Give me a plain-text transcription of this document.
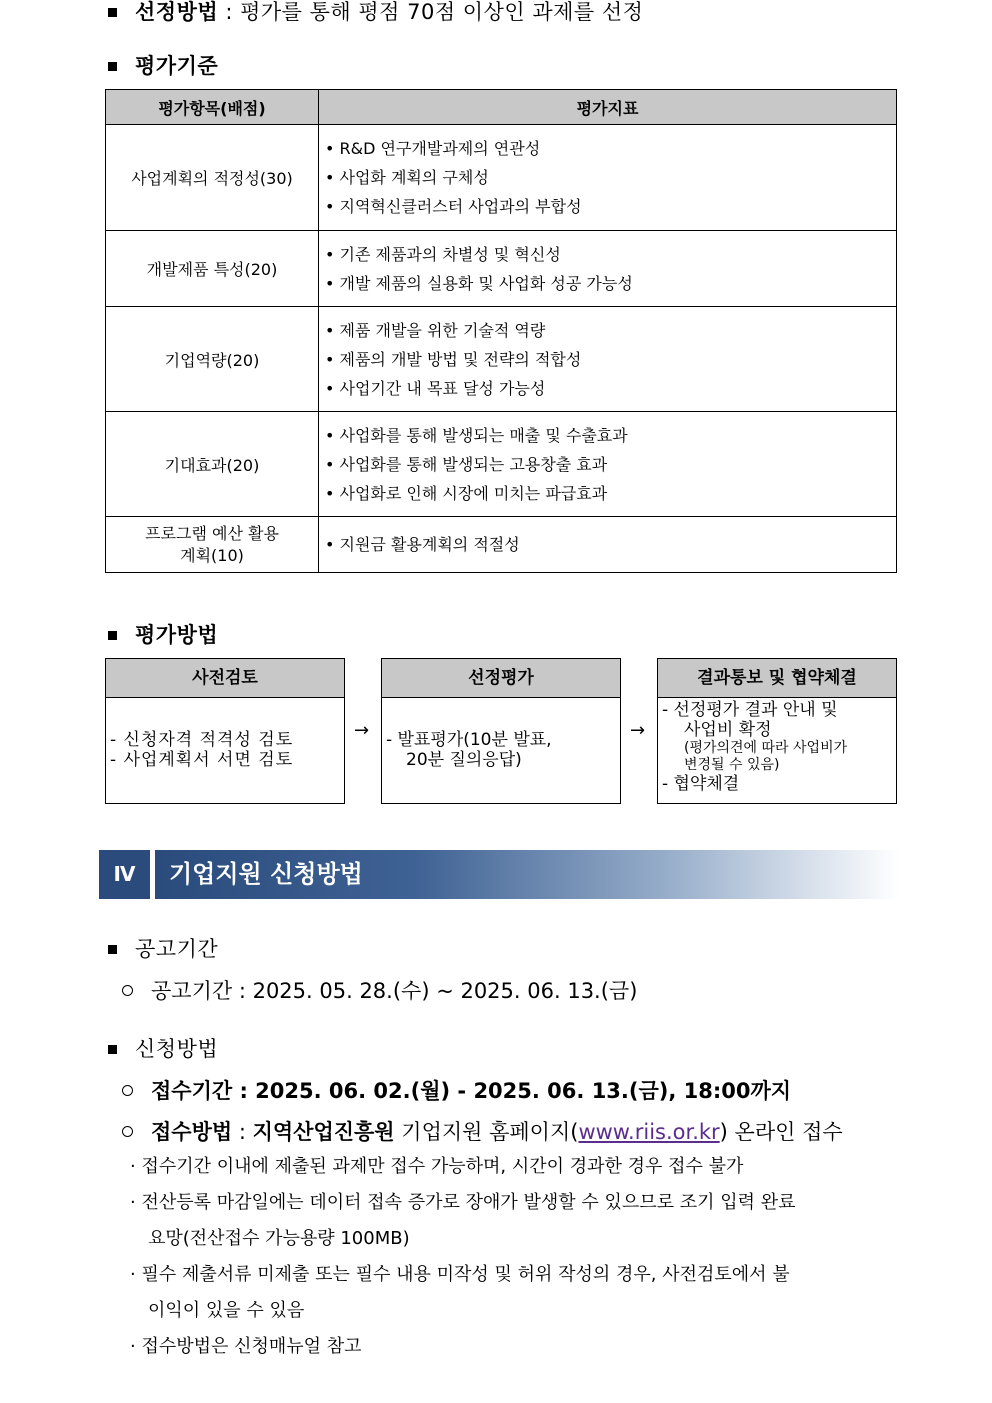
선정방법 : 평가를 통해 평점 70점 이상인 과제를 선정
평가기준
평가항목(배점)	평가지표
사업계획의 적정성(30)	• R&D 연구개발과제의 연관성
• 사업화 계획의 구체성
• 지역혁신클러스터 사업과의 부합성

개발제품 특성(20)	• 기존 제품과의 차별성 및 혁신성
• 개발 제품의 실용화 및 사업화 성공 가능성

기업역량(20)	• 제품 개발을 위한 기술적 역량
• 제품의 개발 방법 및 전략의 적합성
• 사업기간 내 목표 달성 가능성

기대효과(20)	• 사업화를 통해 발생되는 매출 및 수출효과
• 사업화를 통해 발생되는 고용창출 효과
• 사업화로 인해 시장에 미치는 파급효과

프로그램 예산 활용
계획(10)	• 지원금 활용계획의 적절성
평가방법
사전검토
- 신청자격 적격성 검토
- 사업계획서 서면 검토
→
선정평가
- 발표평가(10분 발표,
20분 질의응답)
→
결과통보 및 협약체결
- 선정평가 결과 안내 및
사업비 확정
(평가의견에 따라 사업비가
변경될 수 있음)
- 협약체결
Ⅳ	기업지원 신청방법
공고기간
공고기간 : 2025. 05. 28.(수) ~ 2025. 06. 13.(금)
신청방법
접수기간 : 2025. 06. 02.(월) - 2025. 06. 13.(금), 18:00까지
접수방법 : 지역산업진흥원 기업지원 홈페이지(www.riis.or.kr) 온라인 접수
· 접수기간 이내에 제출된 과제만 접수 가능하며, 시간이 경과한 경우 접수 불가
· 전산등록 마감일에는 데이터 접속 증가로 장애가 발생할 수 있으므로 조기 입력 완료
요망(전산접수 가능용량 100MB)
· 필수 제출서류 미제출 또는 필수 내용 미작성 및 허위 작성의 경우, 사전검토에서 불
이익이 있을 수 있음
· 접수방법은 신청매뉴얼 참고
